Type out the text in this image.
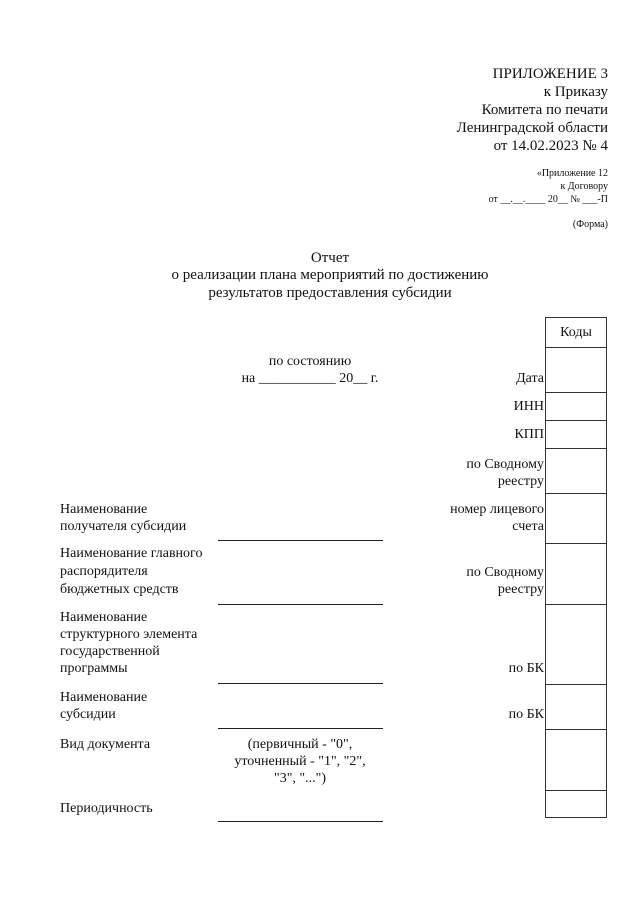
ПРИЛОЖЕНИЕ 3
к Приказу
Комитета по печати
Ленинградской области
от 14.02.2023 № 4
«Приложение 12
к Договору
от __.__.____ 20__ № ___-П
(Форма)
Отчет
о реализации плана мероприятий по достижению
результатов предоставления субсидии
по состоянию
на ___________ 20__ г.	Дата
ИНН
КПП
по Сводному
реестру
номер лицевого
счета
по Сводному
реестру
по БК
по БК
Коды
Наименование
получателя субсидии
Наименование главного
распорядителя
бюджетных средств
Наименование
структурного элемента
государственной
программы
Наименование
субсидии
Вид документа	(первичный - "0",
уточненный - "1", "2",
"3", "...")
Периодичность
